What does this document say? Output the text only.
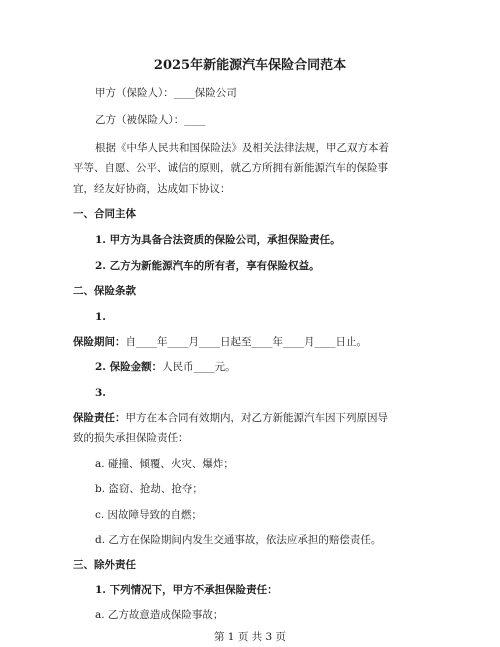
2025年新能源汽车保险合同范本
甲方（保险人）：____保险公司
乙方（被保险人）：____
根据《中华人民共和国保险法》及相关法律法规，甲乙双方本着
平等、自愿、公平、诚信的原则，就乙方所拥有新能源汽车的保险事
宜，经友好协商，达成如下协议：
一、合同主体
1. 甲方为具备合法资质的保险公司，承担保险责任。
2. 乙方为新能源汽车的所有者，享有保险权益。
二、保险条款
1.
保险期间：自____年____月____日起至____年____月____日止。
2. 保险金额：人民币____元。
3.
保险责任：甲方在本合同有效期内，对乙方新能源汽车因下列原因导
致的损失承担保险责任：
a. 碰撞、倾覆、火灾、爆炸；
b. 盗窃、抢劫、抢夺；
c. 因故障导致的自燃；
d. 乙方在保险期间内发生交通事故，依法应承担的赔偿责任。
三、除外责任
1. 下列情况下，甲方不承担保险责任：
a. 乙方故意造成保险事故；
第 1 页 共 3 页
